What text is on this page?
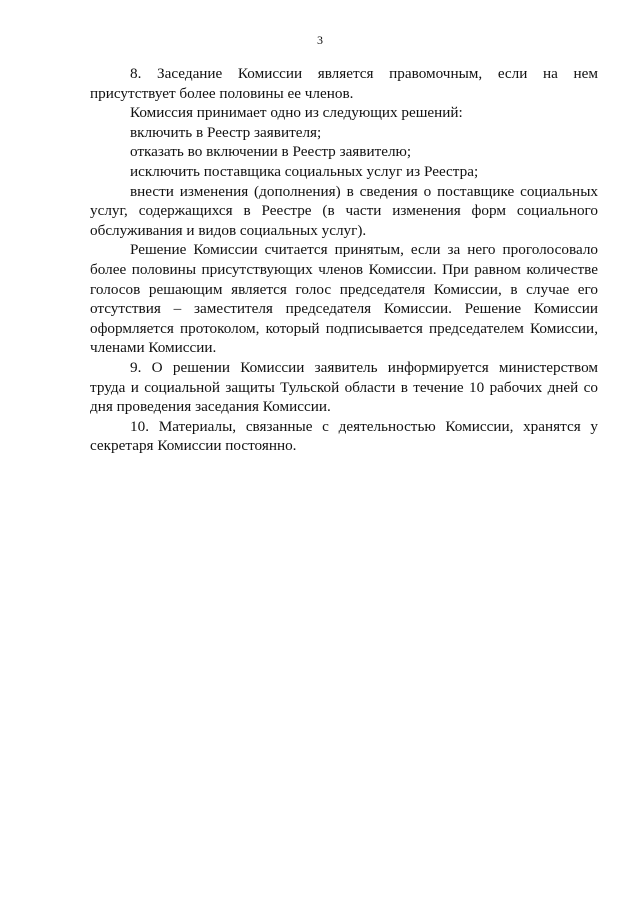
3

8. Заседание Комиссии является правомочным, если на нем присутствует более половины ее членов.

Комиссия принимает одно из следующих решений:

включить в Реестр заявителя;

отказать во включении в Реестр заявителю;

исключить поставщика социальных услуг из Реестра;

внести изменения (дополнения) в сведения о поставщике социальных услуг, содержащихся в Реестре (в части изменения форм социального обслуживания и видов социальных услуг).

Решение Комиссии считается принятым, если за него проголосовало более половины присутствующих членов Комиссии. При равном количестве голосов решающим является голос председателя Комиссии, в случае его отсутствия – заместителя председателя Комиссии. Решение Комиссии оформляется протоколом, который подписывается председателем Комиссии, членами Комиссии.

9. О решении Комиссии заявитель информируется министерством труда и социальной защиты Тульской области в течение 10 рабочих дней со дня проведения заседания Комиссии.

10. Материалы, связанные с деятельностью Комиссии, хранятся у секретаря Комиссии постоянно.
